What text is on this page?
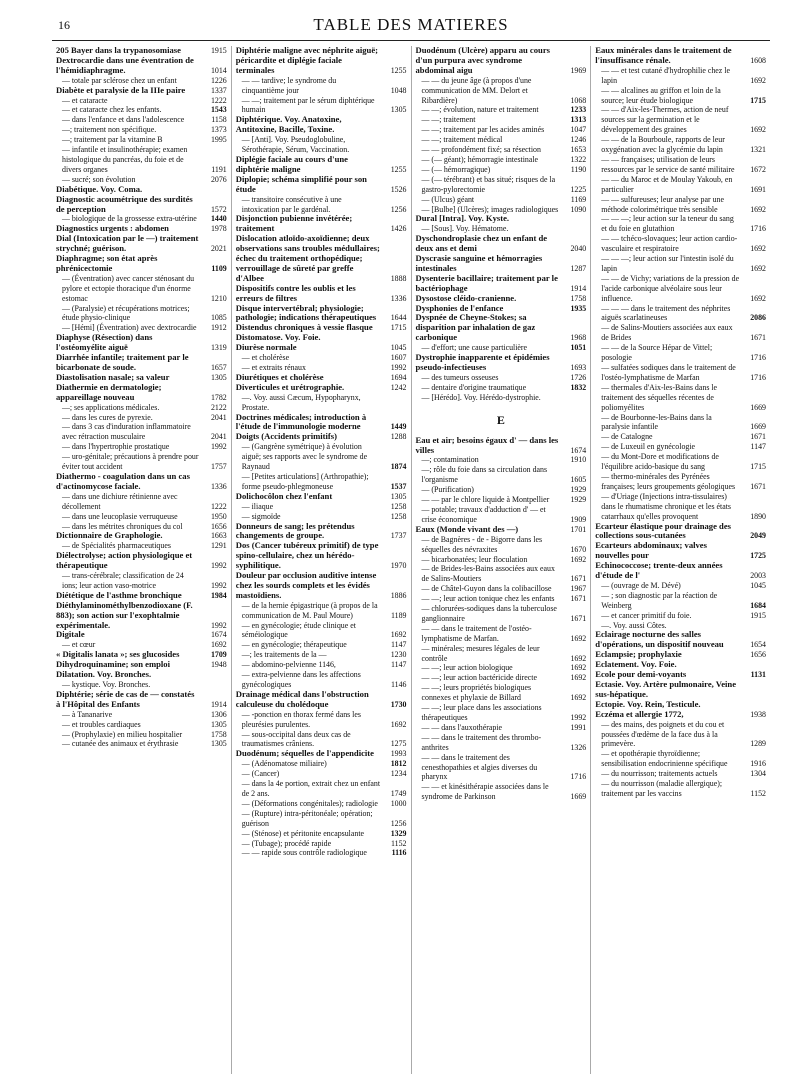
16	TABLE DES MATIERES
205 Bayer dans la trypanosomiase	1915
Dextrocardie dans une éventration de l'hémidiaphragme.	1014
— totale par sclérose chez un enfant	1226
Diabète et paralysie de la IIIe paire	1337
— et cataracte	1222
— et cataracte chez les enfants.	1543
— dans l'enfance et dans l'adolescence	1158
—; traitement non spécifique.	1373
—; traitement par la vitamine B	1995
— infantile et insulinothérapie; examen histologique du pancréas, du foie et de divers organes	1191
— sucré; son évolution	2076
Diabétique. Voy. Coma.
Diagnostic acoumétrique des surdités de perception	1572
— biologique de la grossesse extra-utérine	1440
Diagnostics urgents : abdomen	1978
Dial (Intoxication par le —) traitement strychné; guérison.	2021
Diaphragme; son état après phrénicectomie	1109
— (Éventration) avec cancer sténosant du pylore et ectopie thoracique d'un énorme estomac	1210
— (Paralysie) et récupérations motrices; étude physio-clinique	1085
— [Hémi] (Éventration) avec dextrocardie	1912
Diaphyse (Résection) dans l'ostéomyélite aiguë	1319
Diarrhée infantile; traitement par le bicarbonate de soude.	1657
Diastolisation nasale; sa valeur	1305
Diathermie en dermatologie; appareillage nouveau	1782
—; ses applications médicales.	2122
— dans les cures de pyrexie.	2041
— dans 3 cas d'induration inflammatoire avec rétraction musculaire	2041
— dans l'hypertrophie prostatique	1992
— uro-génitale; précautions à prendre pour éviter tout accident	1757
Diathermo - coagulation dans un cas d'actinomycose faciale.	1336
— dans une dichiure rétinienne avec décollement	1222
— dans une leucoplasie verruqueuse	1950
— dans les métrites chroniques du col	1656
Dictionnaire de Graphologie.	1663
— de Spécialités pharmaceutiques	1291
Diélectrolyse; action physiologique et thérapeutique	1992
— trans-cérébrale; classification de 24 ions; leur action vaso-motrice	1992
Diététique de l'asthme bronchique	1984
Diéthylaminométhylbenzodioxane (F. 883); son action sur l'exophtalmie expérimentale.	1992
Digitale	1674
— et cœur	1692
« Digitalis lanata »; ses glucosides	1709
Dihydroquinamine; son emploi	1948
Dilatation. Voy. Bronches.
— kystique. Voy. Bronches.
Diphtérie; série de cas de — constatés à l'Hôpital des Enfants	1914
— à Tananarive	1306
— et troubles cardiaques	1305
— (Prophylaxie) en milieu hospitalier	1758
— cutanée des animaux et érythrasie	1305
Diphtérie maligne avec néphrite aiguë; péricardite et diplégie faciale terminales	1255
— — tardive; le syndrome du cinquantième jour	1048
— —; traitement par le sérum diphtérique humain	1305
Diphtérique. Voy. Anatoxine, Antitoxine, Bacille, Toxine.
— [Anti]. Voy. Pseudoglobuline, Sérothérapie, Sérum, Vaccination.
Diplégie faciale au cours d'une diphtérie maligne	1255
Diplopie; schéma simplifié pour son étude	1526
— transitoire consécutive à une intoxication par le gardénal.	1256
Disjonction pubienne invétérée; traitement	1426
Dislocation atloïdo-axoïdienne; deux observations sans troubles médullaires; échec du traitement orthopédique; verrouillage de sûreté par greffe d'Albee	1888
Dispositifs contre les oublis et les erreurs de filtres	1336
Disque intervertébral; physiologie; pathologie; indications thérapeutiques	1644
Distendus chroniques à vessie flasque	1715
Distomatose. Voy. Foie.
Diurèse normale	1045
— et cholérèse	1607
— et extraits rénaux	1992
Diurétiques et cholérèse	1694
Diverticules et urétrographie.	1242
—. Voy. aussi Cæcum, Hypopharynx, Prostate.
Doctrines médicales; introduction à l'étude de l'immunologie moderne	1449
Doigts (Accidents primitifs)	1288
— (Gangrène symétrique) à évolution aiguë; ses rapports avec le syndrome de Raynaud	1874
— [Petites articulations] (Arthropathie); forme pseudo-phlegmoneuse	1537
Dolichocôlon chez l'enfant	1305
— iliaque	1258
— sigmoïde	1258
Donneurs de sang; les prétendus changements de groupe.	1737
Dos (Cancer tubéreux primitif) de type spino-cellulaire, chez un hérédo-syphilitique.	1970
Douleur par occlusion auditive intense chez les sourds complets et les évidés mastoïdiens.	1886
— de la hernie épigastrique (à propos de la communication de M. Paul Moure)	1189
— en gynécologie; étude clinique et séméiologique	1692
— en gynécologie; thérapeutique	1147
—; les traitements de la —	1230
— abdomino-pelvienne 1146,	1147
— extra-pelvienne dans les affections gynécologiques	1146
Drainage médical dans l'obstruction calculeuse du cholédoque	1730
— -ponction en thorax fermé dans les pleurésies purulentes.	1692
— sous-occipital dans deux cas de traumatismes crâniens.	1275
Duodénum; séquelles de l'appendicite	1993
— (Adénomatose miliaire)	1812
— (Cancer)	1234
— dans la 4e portion, extrait chez un enfant de 2 ans.	1749
— (Déformations congénitales); radiologie	1000
— (Rupture) intra-péritonéale; opération; guérison	1256
— (Sténose) et péritonite encapsulante	1329
— (Tubage); procédé rapide	1152
— — rapide sous contrôle radiologique	1116
Duodénum (Ulcère) apparu au cours d'un purpura avec syndrome abdominal aigu	1969
— — du jeune âge (à propos d'une communication de MM. Delort et Ribardière)	1068
— —; évolution, nature et traitement	1233
— —; traitement	1313
— —; traitement par les acides aminés	1047
— —; traitement médical	1246
— — profondément fixé; sa résection	1653
— (— géant); hémorragie intestinale	1322
— (— hémorragique)	1190
— (— térébrant) et bas situé; risques de la gastro-pylorectomie	1225
— (Ulcus) géant	1169
— [Bulbe] (Ulcères); images radiologiques 1090
Dural [Intra]. Voy. Kyste.
— [Sous]. Voy. Hématome.
Dyschondroplasie chez un enfant de deux ans et demi	2040
Dyscrasie sanguine et hémorragies intestinales	1287
Dysenterie bacillaire; traitement par le bactériophage	1914
Dysostose cléido-cranienne.	1758
Dysphonies de l'enfance	1935
Dyspnée de Cheyne-Stokes; sa disparition par inhalation de gaz carbonique	1968
— d'effort; une cause particulière	1051
Dystrophie inapparente et épidémies pseudo-infectieuses	1693
— des tumeurs osseuses	1726
— dentaire d'origine traumatique	1832
— [Hérédo]. Voy. Hérédo-dystrophie.
E
Eau et air; besoins égaux d' — dans les villes	1674
—; contamination	1910
—; rôle du foie dans sa circulation dans l'organisme	1605
— (Purification)	1929
— — par le chlore liquide à Montpellier	1929
— potable; travaux d'adduction d' — et crise économique	1909
Eaux (Monde vivant des —)	1701
— de Bagnères - de - Bigorre dans les séquelles des névraxites	1670
— bicarbonatées; leur floculation	1692
— de Brides-les-Bains associées aux eaux de Salins-Moutiers	1671
— de Châtel-Guyon dans la colibacillose	1967
— —; leur action tonique chez les enfants	1671
— chlorurées-sodiques dans la tuberculose ganglionnaire	1671
— — dans le traitement de l'ostéo-lymphatisme de Marfan.	1692
— minérales; mesures légales de leur contrôle	1692
— —; leur action biologique	1692
— —; leur action bactéricide directe	1692
— —; leurs propriétés biologiques connexes et phylaxie de Billard	1692
— —; leur place dans les associations thérapeutiques	1992
— — dans l'auxothérapie	1991
— — dans le traitement des thrombo-anthrites	1326
— — dans le traitement des cenesthopathies et algies diverses du pharynx	1716
— — et kinésithérapie associées dans le syndrome de Parkinson	1669
Eaux minérales dans le traitement de l'insuffisance rénale.	1608
— — et test cutané d'hydrophilie chez le lapin	1692
— — alcalines au griffon et loin de la source; leur étude biologique	1715
— — d'Aix-les-Thermes, action de neuf sources sur la germination et le développement des graines	1692
— — de la Bourboule, rapports de leur oxygénation avec la glycémie du lapin	1321
— — françaises; utilisation de leurs ressources par le service de santé militaire	1672
— — du Maroc et de Moulay Yakoub, en particulier	1691
— — sulfureuses; leur analyse par une méthode colorimétrique très sensible	1692
— — —; leur action sur la teneur du sang et du foie en glutathion	1716
— — tchéco-slovaques; leur action cardio-vasculaire et respiratoire	1692
— — —; leur action sur l'intestin isolé du lapin	1692
— — de Vichy; variations de la pression de l'acide carbonique alvéolaire sous leur influence.	1692
— — — dans le traitement des néphrites aiguës scarlatineuses	2086
— de Salins-Moutiers associées aux eaux de Brides	1671
— — de la Source Hépar de Vittel; posologie	1716
— sulfatées sodiques dans le traitement de l'ostéo-lymphatisme de Marfan	1716
— thermales d'Aix-les-Bains dans le traitement des séquelles récentes de poliomyélites	1669
— de Bourbonne-les-Bains dans la paralysie infantile	1669
— de Catalogne	1671
— de Luxeuil en gynécologie	1147
— du Mont-Dore et modifications de l'équilibre acido-basique du sang	1715
— thermo-minérales des Pyrénées françaises; leurs groupements géologiques	1671
— d'Uriage (Injections intra-tissulaires) dans le rhumatisme chronique et les états catarrhaux qu'elles provoquent	1890
Ecarteur élastique pour drainage des collections sous-cutanées	2049
Ecarteurs abdominaux; valves nouvelles pour	1725
Echinococcose; trente-deux années d'étude de l'	2003
— (ouvrage de M. Dévé)	1045
— ; son diagnostic par la réaction de Weinberg	1684
— et cancer primitif du foie.	1915
—. Voy. aussi Côtes.
Eclairage nocturne des salles d'opérations, un dispositif nouveau	1654
Eclampsie; prophylaxie	1656
Eclatement. Voy. Foie.
Ecole pour demi-voyants	1131
Ectasie. Voy. Artère pulmonaire, Veine sus-hépatique.
Ectopie. Voy. Rein, Testicule.
Eczéma et allergie 1772,	1938
— des mains, des poignets et du cou et poussées d'œdème de la face dus à la primevère.	1289
— et opothérapie thyroïdienne; sensibilisation endocrinienne spécifique	1916
— du nourrisson; traitements actuels	1304
— du nourrisson (maladie allergique); traitement par les vaccins	1152
